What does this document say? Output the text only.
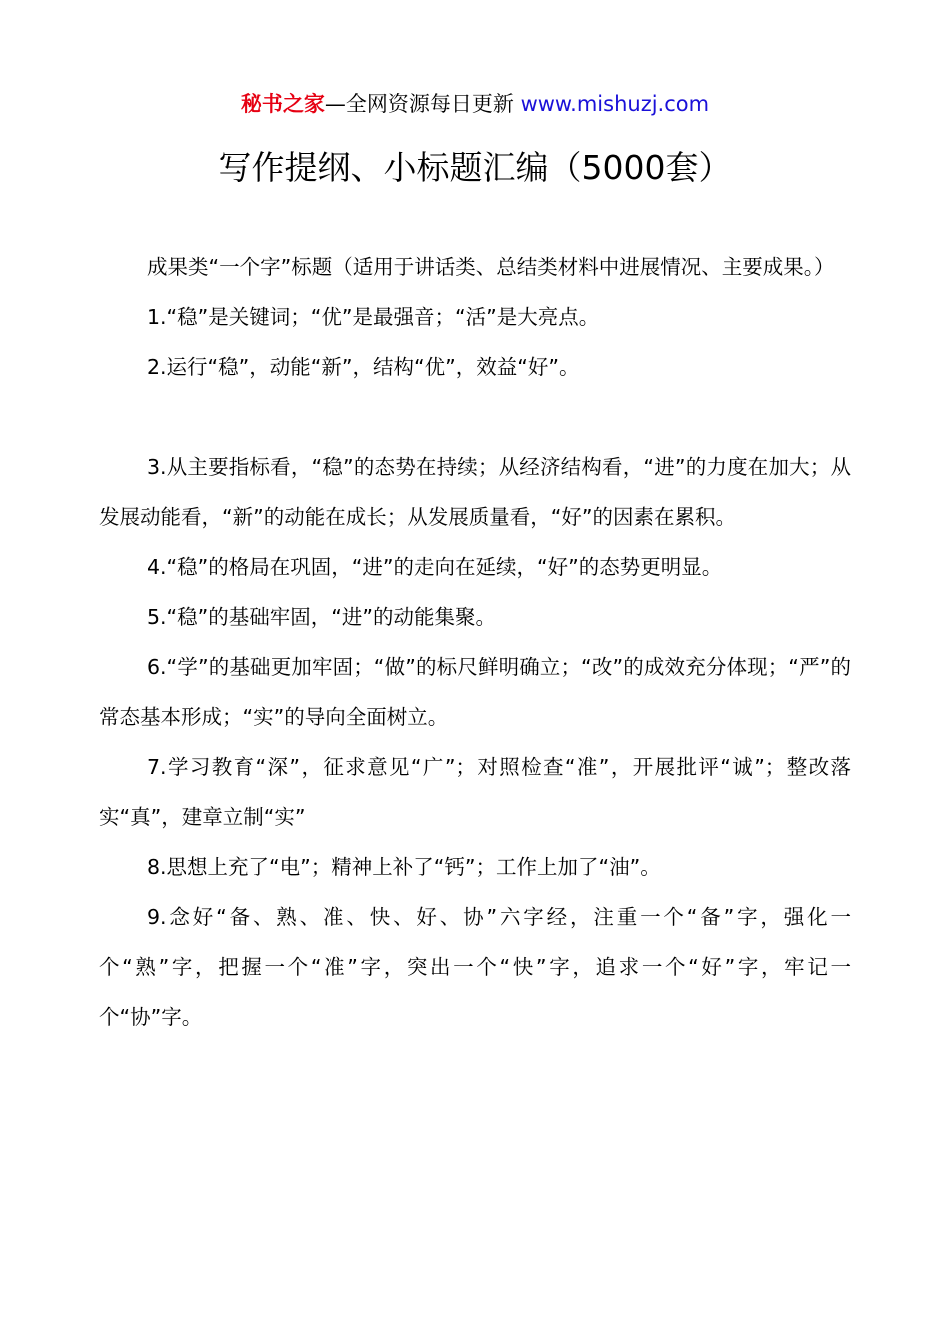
秘书之家—全网资源每日更新 www.mishuzj.com
写作提纲、小标题汇编（5000套）

成果类“一个字”标题（适用于讲话类、总结类材料中进展情况、主要成果。）

1.“稳”是关键词；“优”是最强音；“活”是大亮点。

2.运行“稳”，动能“新”，结构“优”，效益“好”。

3.从主要指标看，“稳”的态势在持续；从经济结构看，“进”的力度在加大；从发展动能看，“新”的动能在成长；从发展质量看，“好”的因素在累积。

4.“稳”的格局在巩固，“进”的走向在延续，“好”的态势更明显。

5.“稳”的基础牢固，“进”的动能集聚。

6.“学”的基础更加牢固；“做”的标尺鲜明确立；“改”的成效充分体现；“严”的常态基本形成；“实”的导向全面树立。

7.学习教育“深”，征求意见“广”；对照检查“准”，开展批评“诚”；整改落实“真”，建章立制“实”

8.思想上充了“电”；精神上补了“钙”；工作上加了“油”。

9.念好“备、熟、准、快、好、协”六字经，注重一个“备”字，强化一个“熟”字，把握一个“准”字，突出一个“快”字，追求一个“好”字，牢记一个“协”字。
